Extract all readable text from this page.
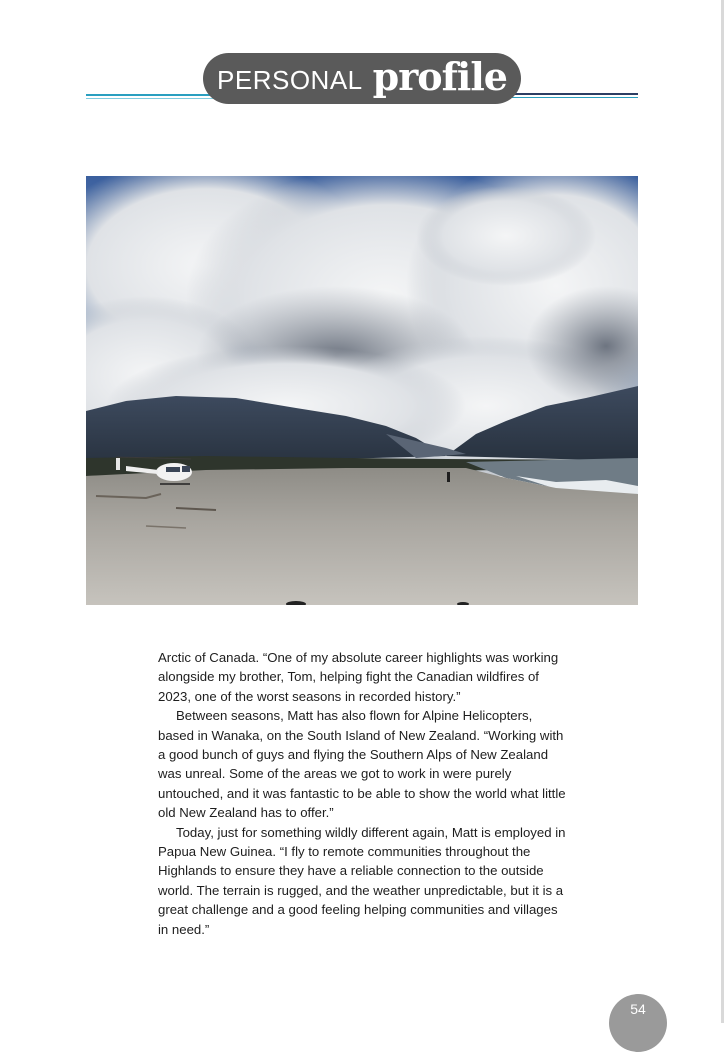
PERSONAL profile

Arctic of Canada. “One of my absolute career highlights was working alongside my brother, Tom, helping fight the Canadian wildfires of 2023, one of the worst seasons in recorded history.”

Between seasons, Matt has also flown for Alpine Helicopters, based in Wanaka, on the South Island of New Zealand. “Working with a good bunch of guys and flying the Southern Alps of New Zealand was unreal. Some of the areas we got to work in were purely untouched, and it was fantastic to be able to show the world what little old New Zealand has to offer.”

Today, just for something wildly different again, Matt is employed in Papua New Guinea. “I fly to remote communities throughout the Highlands to ensure they have a reliable connection to the outside world. The terrain is rugged, and the weather unpredictable, but it is a great challenge and a good feeling helping communities and villages in need.”

54
